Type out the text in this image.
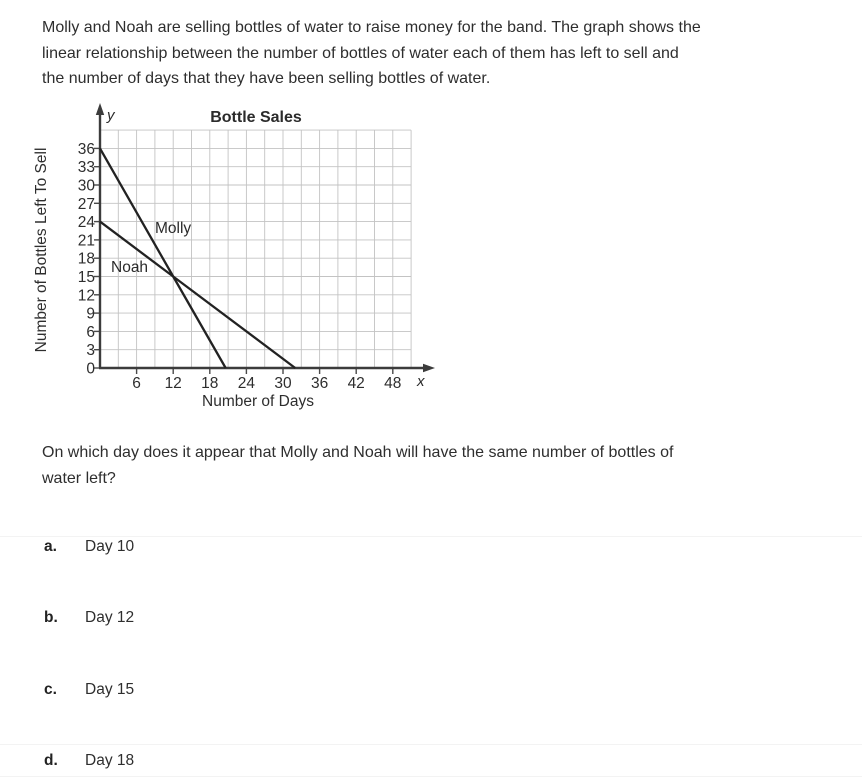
Molly and Noah are selling bottles of water to raise money for the band. The graph shows the
linear relationship between the number of bottles of water each of them has left to sell and
the number of days that they have been selling bottles of water.
6 12 18 24 30 36 42 48
0
3
6
9
12
15
18
21
24
27
30
33
36
Bottle Sales
y
x
Molly
Noah
Number of Days
Number of Bottles Left To Sell
On which day does it appear that Molly and Noah will have the same number of bottles of
water left?
a.	Day 10
b.	Day 12
c.	Day 15
d.	Day 18
